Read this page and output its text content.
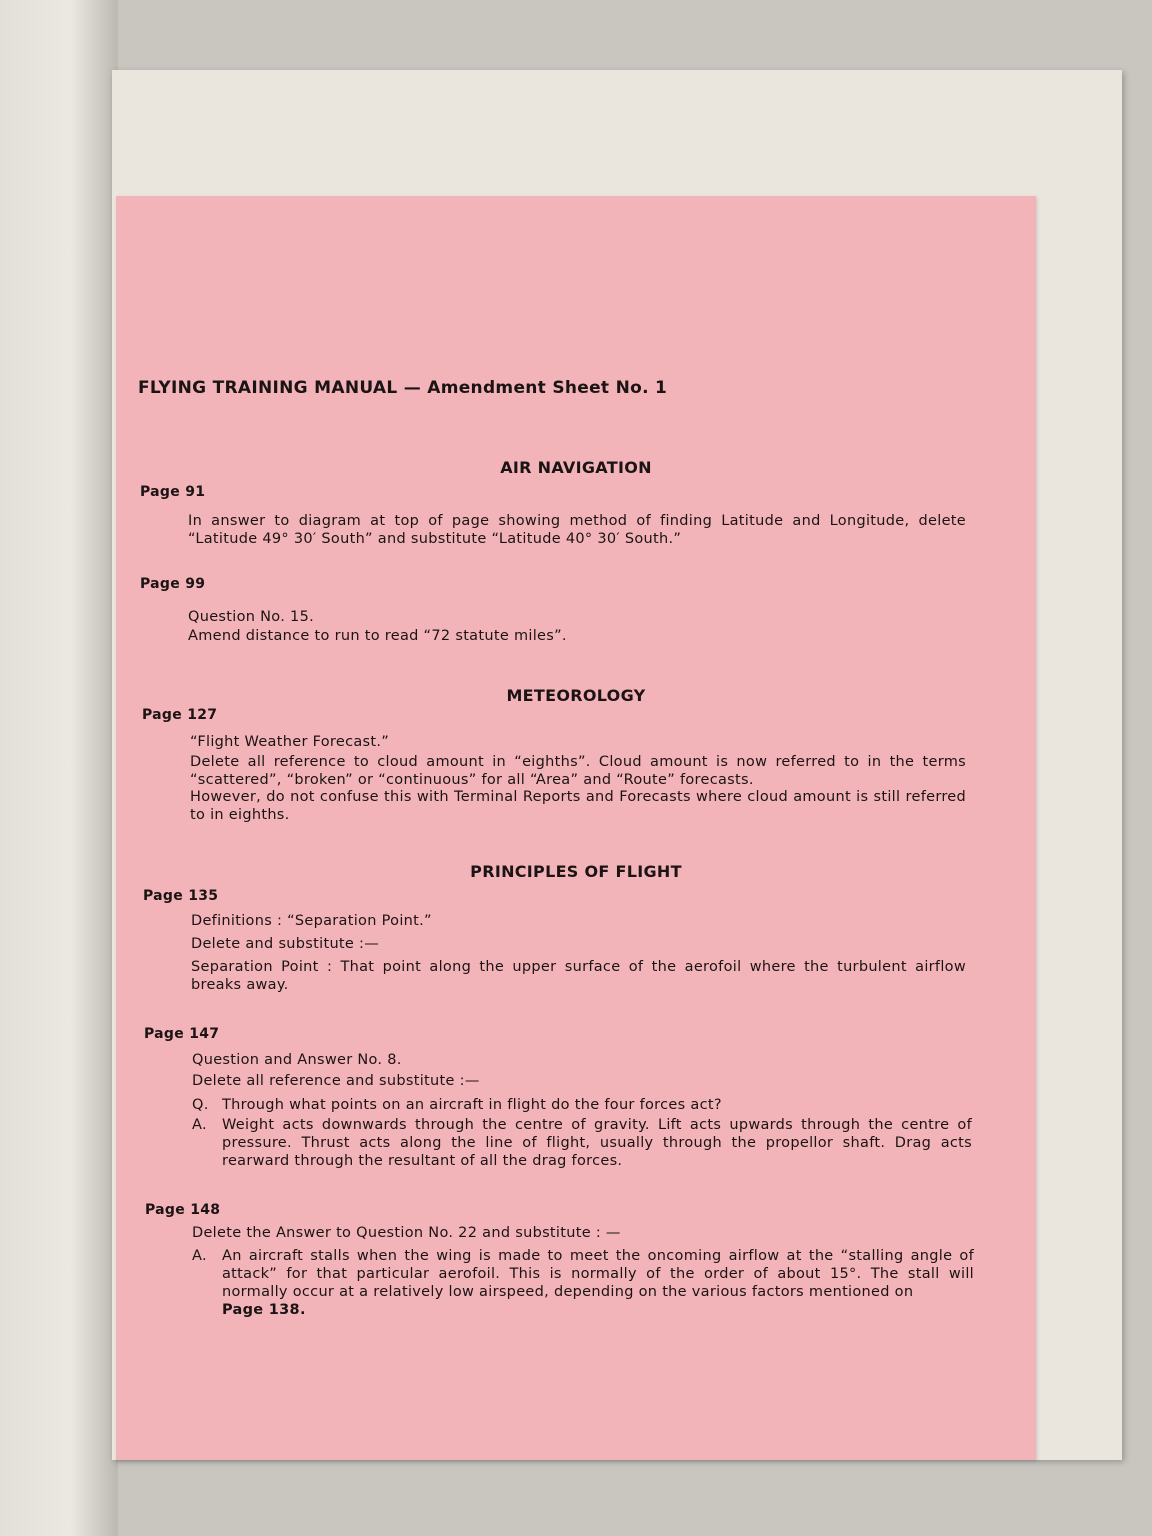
FLYING TRAINING MANUAL — Amendment Sheet No. 1
AIR NAVIGATION
Page 91
In answer to diagram at top of page showing method of finding Latitude and Longitude, delete “Latitude 49° 30′ South” and substitute “Latitude 40° 30′ South.”
Page 99
Question No. 15.
Amend distance to run to read “72 statute miles”.
METEOROLOGY
Page 127
“Flight Weather Forecast.”
Delete all reference to cloud amount in “eighths”. Cloud amount is now referred to in the terms “scattered”, “broken” or “continuous” for all “Area” and “Route” forecasts.
However, do not confuse this with Terminal Reports and Forecasts where cloud amount is still referred to in eighths.
PRINCIPLES OF FLIGHT
Page 135
Definitions : “Separation Point.”
Delete and substitute :—
Separation Point : That point along the upper surface of the aerofoil where the turbulent airflow breaks away.
Page 147
Question and Answer No. 8.
Delete all reference and substitute :—
Q. Through what points on an aircraft in flight do the four forces act?
A. Weight acts downwards through the centre of gravity. Lift acts upwards through the centre of pressure. Thrust acts along the line of flight, usually through the propellor shaft. Drag acts rearward through the resultant of all the drag forces.
Page 148
Delete the Answer to Question No. 22 and substitute : —
A. An aircraft stalls when the wing is made to meet the oncoming airflow at the “stalling angle of attack” for that particular aerofoil. This is normally of the order of about 15°. The stall will normally occur at a relatively low airspeed, depending on the various factors mentioned on
Page 138.
